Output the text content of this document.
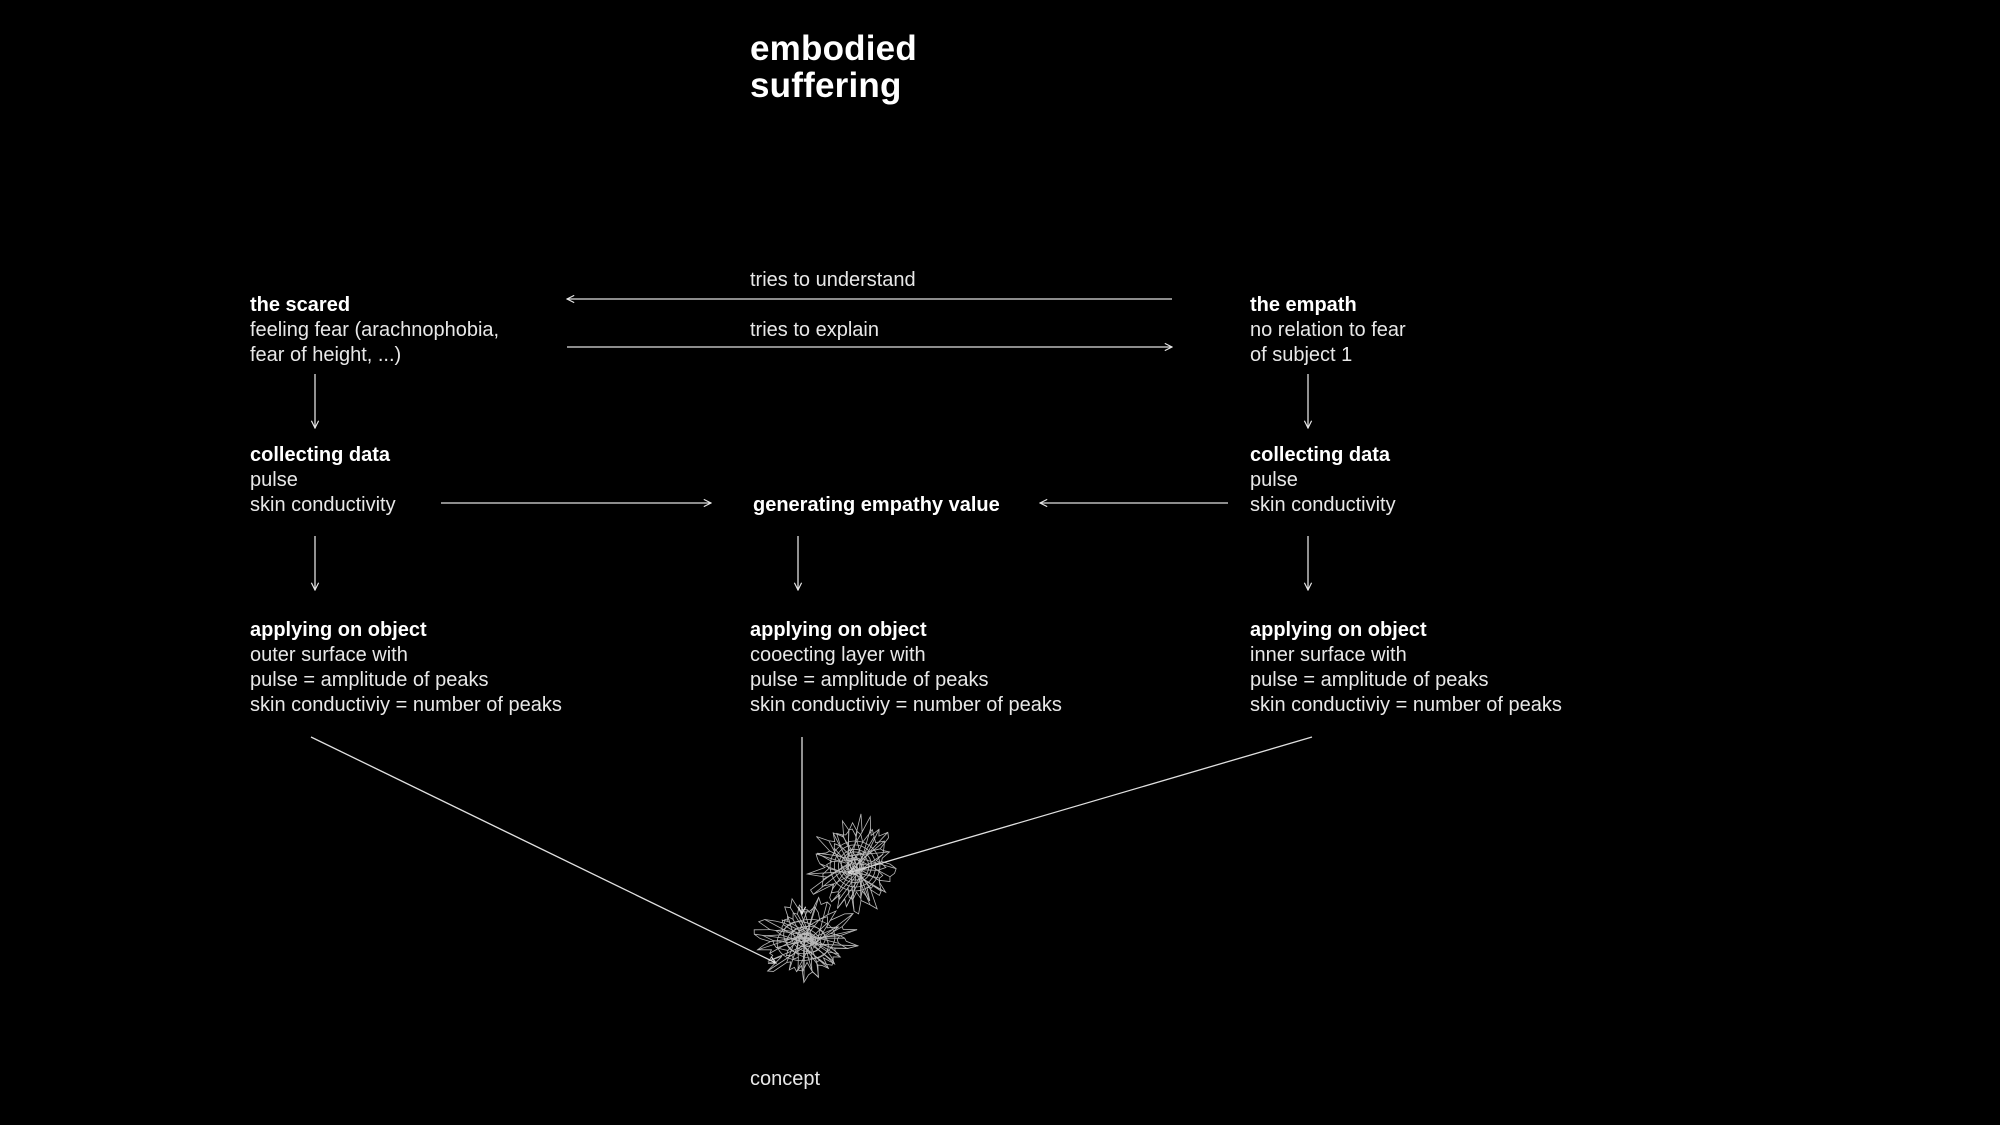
embodied
suffering
the scared
feeling fear (arachnophobia,
fear of height, ...)
tries to understand
tries to explain
the empath
no relation to fear
of subject 1
collecting data
pulse
skin conductivity	generating empathy value
collecting data
pulse
skin conductivity
applying on object
outer surface with
pulse = amplitude of peaks
skin conductiviy = number of peaks
applying on object
cooecting layer with
pulse = amplitude of peaks
skin conductiviy = number of peaks
applying on object
inner surface with
pulse = amplitude of peaks
skin conductiviy = number of peaks
concept
